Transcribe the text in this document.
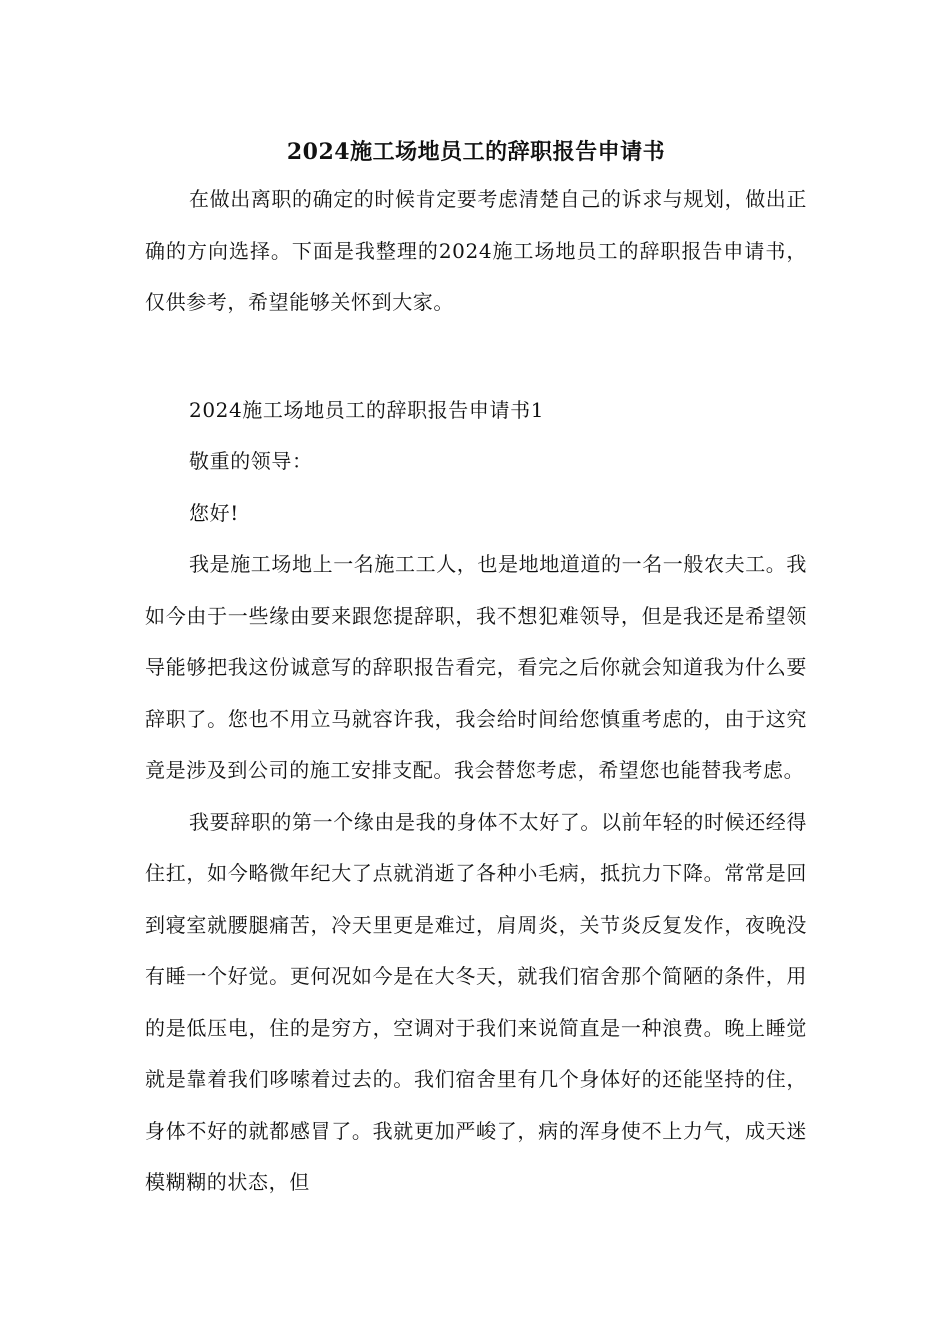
2024施工场地员工的辞职报告申请书

在做出离职的确定的时候肯定要考虑清楚自己的诉求与规划，做出正确的方向选择。下面是我整理的2024施工场地员工的辞职报告申请书，仅供参考，希望能够关怀到大家。

2024施工场地员工的辞职报告申请书1

敬重的领导：

您好!

我是施工场地上一名施工工人，也是地地道道的一名一般农夫工。我如今由于一些缘由要来跟您提辞职，我不想犯难领导，但是我还是希望领导能够把我这份诚意写的辞职报告看完，看完之后你就会知道我为什么要辞职了。您也不用立马就容许我，我会给时间给您慎重考虑的，由于这究竟是涉及到公司的施工安排支配。我会替您考虑，希望您也能替我考虑。

我要辞职的第一个缘由是我的身体不太好了。以前年轻的时候还经得住扛，如今略微年纪大了点就消逝了各种小毛病，抵抗力下降。常常是回到寝室就腰腿痛苦，冷天里更是难过，肩周炎，关节炎反复发作，夜晚没有睡一个好觉。更何况如今是在大冬天，就我们宿舍那个简陋的条件，用的是低压电，住的是穷方，空调对于我们来说简直是一种浪费。晚上睡觉就是靠着我们哆嗦着过去的。我们宿舍里有几个身体好的还能坚持的住，身体不好的就都感冒了。我就更加严峻了，病的浑身使不上力气，成天迷模糊糊的状态，但
